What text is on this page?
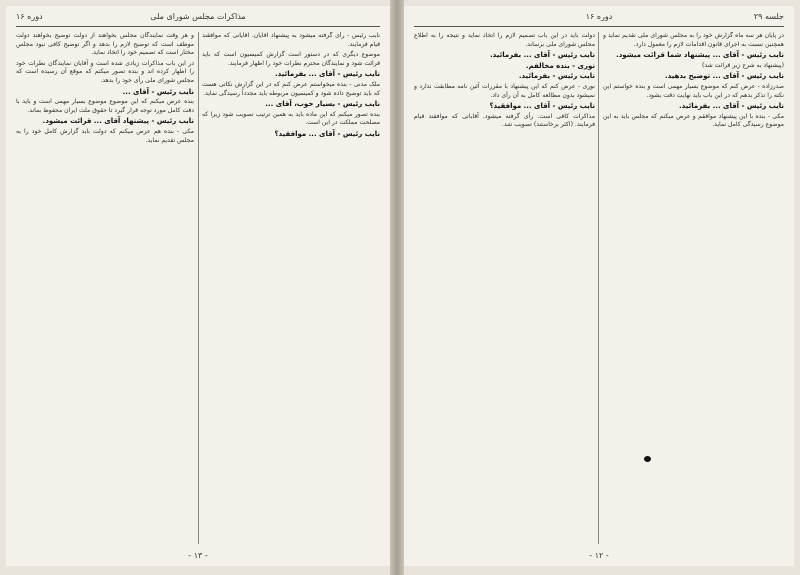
مذاکرات مجلس شورای ملی
دوره ۱۶

نایب رئیس - رأی گرفته میشود به پیشنهاد آقایان. آقایانی که موافقند قیام فرمایند.

موضوع دیگری که در دستور است گزارش کمیسیون است که باید قرائت شود و نمایندگان محترم نظرات خود را اظهار فرمایند.

نایب رئیس - آقای ... بفرمائید.

ملک مدنی - بنده میخواستم عرض کنم که در این گزارش نکاتی هست که باید توضیح داده شود و کمیسیون مربوطه باید مجدداً رسیدگی نماید.

نایب رئیس - بسیار خوب، آقای ...

بنده تصور میکنم که این ماده باید به همین ترتیب تصویب شود زیرا که مصلحت مملکت در این است.

نایب رئیس - آقای ... موافقید؟

و هر وقت نمایندگان مجلس بخواهند از دولت توضیح بخواهند دولت موظف است که توضیح لازم را بدهد و اگر توضیح کافی نبود مجلس مختار است که تصمیم خود را اتخاذ نماید.

در این باب مذاکرات زیادی شده است و آقایان نمایندگان نظرات خود را اظهار کرده اند و بنده تصور میکنم که موقع آن رسیده است که مجلس شورای ملی رأی خود را بدهد.

نایب رئیس - آقای ...

بنده عرض میکنم که این موضوع موضوع بسیار مهمی است و باید با دقت کامل مورد توجه قرار گیرد تا حقوق ملت ایران محفوظ بماند.

نایب رئیس - پیشنهاد آقای ... قرائت میشود.

مکی - بنده هم عرض میکنم که دولت باید گزارش کامل خود را به مجلس تقدیم نماید.

- ۱۳ -
جلسه ۲۹
دوره ۱۶

در پایان هر سه ماه گزارش خود را به مجلس شورای ملی تقدیم نماید و همچنین نسبت به اجرای قانون اقدامات لازم را معمول دارد.

نایب رئیس - آقای ... پیشنهاد شما قرائت میشود.

(پیشنهاد به شرح زیر قرائت شد)

نایب رئیس - آقای ... توضیح بدهید.

صدرزاده - عرض کنم که موضوع بسیار مهمی است و بنده خواستم این نکته را تذکر بدهم که در این باب باید نهایت دقت بشود.

نایب رئیس - آقای ... بفرمائید.

مکی - بنده با این پیشنهاد موافقم و عرض میکنم که مجلس باید به این موضوع رسیدگی کامل نماید.

دولت باید در این باب تصمیم لازم را اتخاذ نماید و نتیجه را به اطلاع مجلس شورای ملی برساند.

نایب رئیس - آقای ... بفرمائید.

نوری - بنده مخالفم.

نایب رئیس - بفرمائید.

نوری - عرض کنم که این پیشنهاد با مقررات آئین نامه مطابقت ندارد و نمیشود بدون مطالعه کامل به آن رأی داد.

نایب رئیس - آقای ... موافقید؟

مذاکرات کافی است. رأی گرفته میشود. آقایانی که موافقند قیام فرمایند. (اکثر برخاستند) تصویب شد.

- ۱۲ -
